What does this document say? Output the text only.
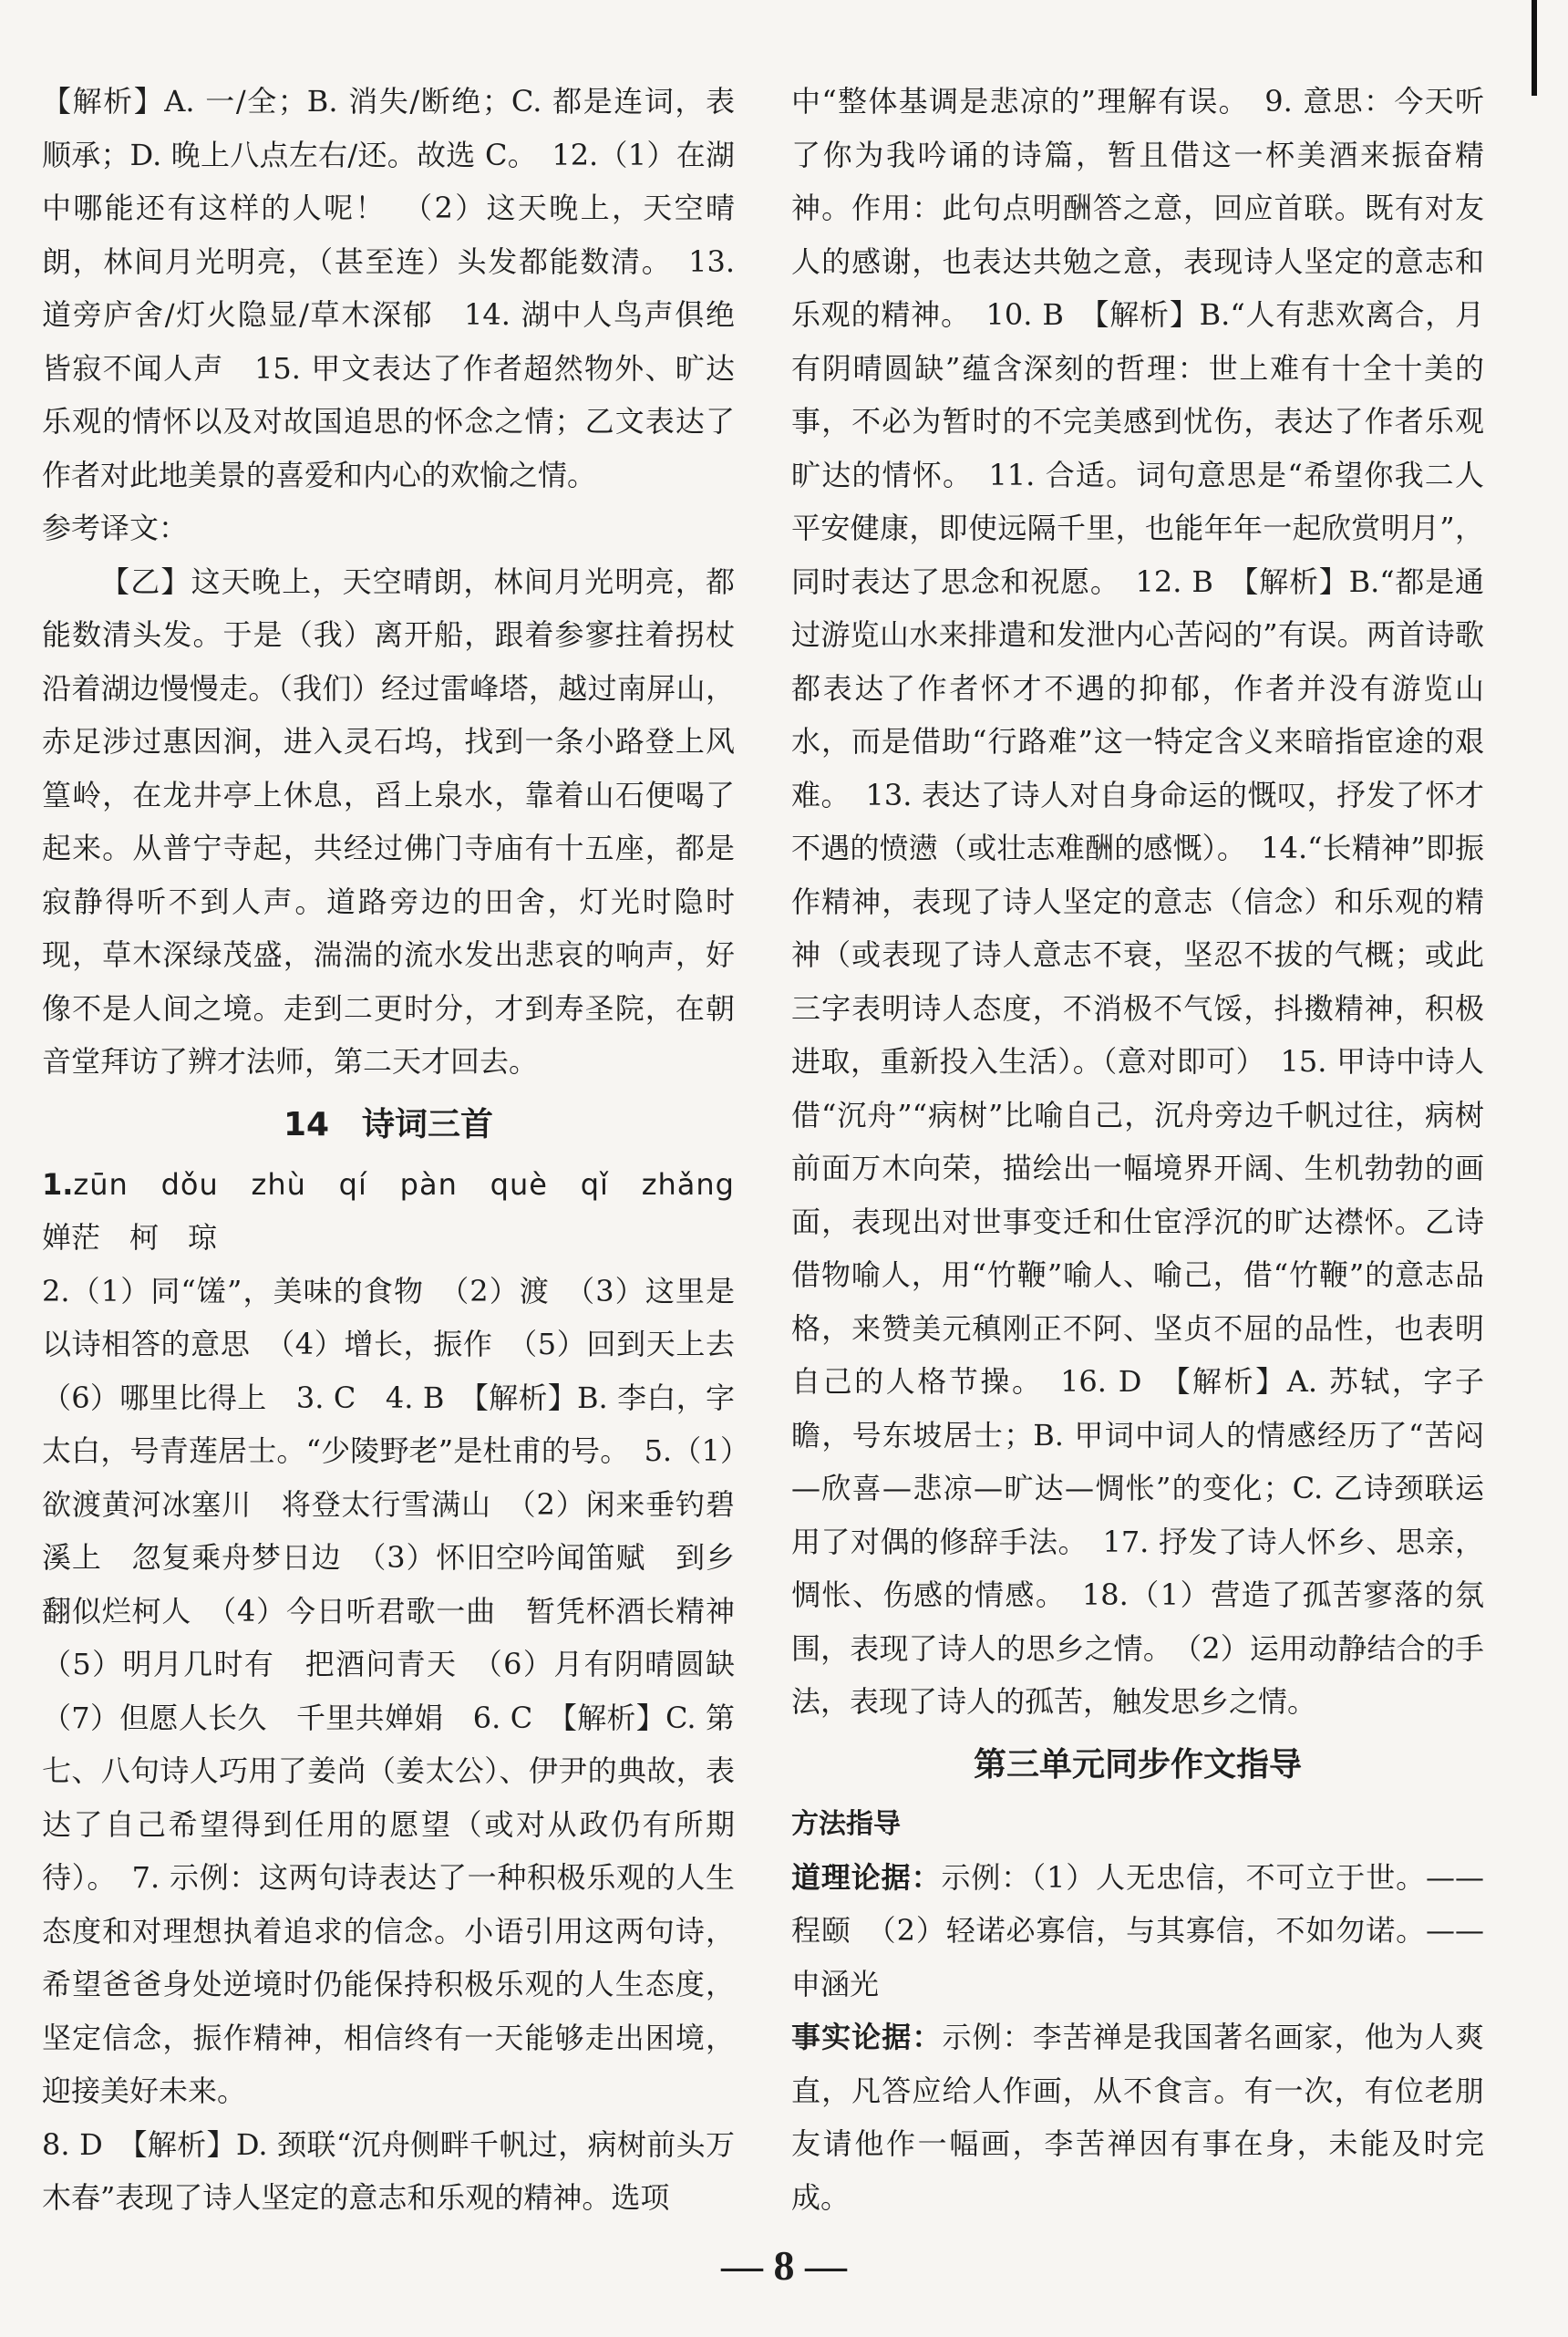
【解析】A. 一/全；B. 消失/断绝；C. 都是连词，表顺承；D. 晚上八点左右/还。故选 C。　12.（1）在湖中哪能还有这样的人呢！　（2）这天晚上，天空晴朗，林间月光明亮，（甚至连）头发都能数清。　13. 道旁庐舍/灯火隐显/草木深郁　14. 湖中人鸟声俱绝　皆寂不闻人声　15. 甲文表达了作者超然物外、旷达乐观的情怀以及对故国追思的怀念之情；乙文表达了作者对此地美景的喜爱和内心的欢愉之情。

参考译文：

【乙】这天晚上，天空晴朗，林间月光明亮，都能数清头发。于是（我）离开船，跟着参寥拄着拐杖沿着湖边慢慢走。（我们）经过雷峰塔，越过南屏山，赤足涉过惠因涧，进入灵石坞，找到一条小路登上风篁岭，在龙井亭上休息，舀上泉水，靠着山石便喝了起来。从普宁寺起，共经过佛门寺庙有十五座，都是寂静得听不到人声。道路旁边的田舍，灯光时隐时现，草木深绿茂盛，湍湍的流水发出悲哀的响声，好像不是人间之境。走到二更时分，才到寿圣院，在朝音堂拜访了辨才法师，第二天才回去。

14　诗词三首

1.zūn　dǒu　zhù　qí　pàn　què　qǐ　zhǎng　婵茫　柯　琼

2.（1）同“馐”，美味的食物　（2）渡　（3）这里是以诗相答的意思　（4）增长，振作　（5）回到天上去　（6）哪里比得上　3. C　4. B　【解析】B. 李白，字太白，号青莲居士。“少陵野老”是杜甫的号。　5.（1）欲渡黄河冰塞川　将登太行雪满山　（2）闲来垂钓碧溪上　忽复乘舟梦日边　（3）怀旧空吟闻笛赋　到乡翻似烂柯人　（4）今日听君歌一曲　暂凭杯酒长精神　（5）明月几时有　把酒问青天　（6）月有阴晴圆缺　（7）但愿人长久　千里共婵娟　6. C　【解析】C. 第七、八句诗人巧用了姜尚（姜太公）、伊尹的典故，表达了自己希望得到任用的愿望（或对从政仍有所期待）。　7. 示例：这两句诗表达了一种积极乐观的人生态度和对理想执着追求的信念。小语引用这两句诗，希望爸爸身处逆境时仍能保持积极乐观的人生态度，坚定信念，振作精神，相信终有一天能够走出困境，迎接美好未来。

8. D　【解析】D. 颈联“沉舟侧畔千帆过，病树前头万木春”表现了诗人坚定的意志和乐观的精神。选项

中“整体基调是悲凉的”理解有误。　9. 意思：今天听了你为我吟诵的诗篇，暂且借这一杯美酒来振奋精神。作用：此句点明酬答之意，回应首联。既有对友人的感谢，也表达共勉之意，表现诗人坚定的意志和乐观的精神。　10. B　【解析】B.“人有悲欢离合，月有阴晴圆缺”蕴含深刻的哲理：世上难有十全十美的事，不必为暂时的不完美感到忧伤，表达了作者乐观旷达的情怀。　11. 合适。词句意思是“希望你我二人平安健康，即使远隔千里，也能年年一起欣赏明月”，同时表达了思念和祝愿。　12. B　【解析】B.“都是通过游览山水来排遣和发泄内心苦闷的”有误。两首诗歌都表达了作者怀才不遇的抑郁，作者并没有游览山水，而是借助“行路难”这一特定含义来暗指宦途的艰难。　13. 表达了诗人对自身命运的慨叹，抒发了怀才不遇的愤懑（或壮志难酬的感慨）。　14.“长精神”即振作精神，表现了诗人坚定的意志（信念）和乐观的精神（或表现了诗人意志不衰，坚忍不拔的气概；或此三字表明诗人态度，不消极不气馁，抖擞精神，积极进取，重新投入生活）。（意对即可）　15. 甲诗中诗人借“沉舟”“病树”比喻自己，沉舟旁边千帆过往，病树前面万木向荣，描绘出一幅境界开阔、生机勃勃的画面，表现出对世事变迁和仕宦浮沉的旷达襟怀。乙诗借物喻人，用“竹鞭”喻人、喻己，借“竹鞭”的意志品格，来赞美元稹刚正不阿、坚贞不屈的品性，也表明自己的人格节操。　16. D　【解析】A. 苏轼，字子瞻，号东坡居士；B. 甲词中词人的情感经历了“苦闷—欣喜—悲凉—旷达—惆怅”的变化；C. 乙诗颈联运用了对偶的修辞手法。　17. 抒发了诗人怀乡、思亲，惆怅、伤感的情感。　18.（1）营造了孤苦寥落的氛围，表现了诗人的思乡之情。　（2）运用动静结合的手法，表现了诗人的孤苦，触发思乡之情。

第三单元同步作文指导
方法指导

道理论据：示例：（1）人无忠信，不可立于世。——程颐　（2）轻诺必寡信，与其寡信，不如勿诺。——申涵光

事实论据：示例：李苦禅是我国著名画家，他为人爽直，凡答应给人作画，从不食言。有一次，有位老朋友请他作一幅画，李苦禅因有事在身，未能及时完成。

— 8 —
